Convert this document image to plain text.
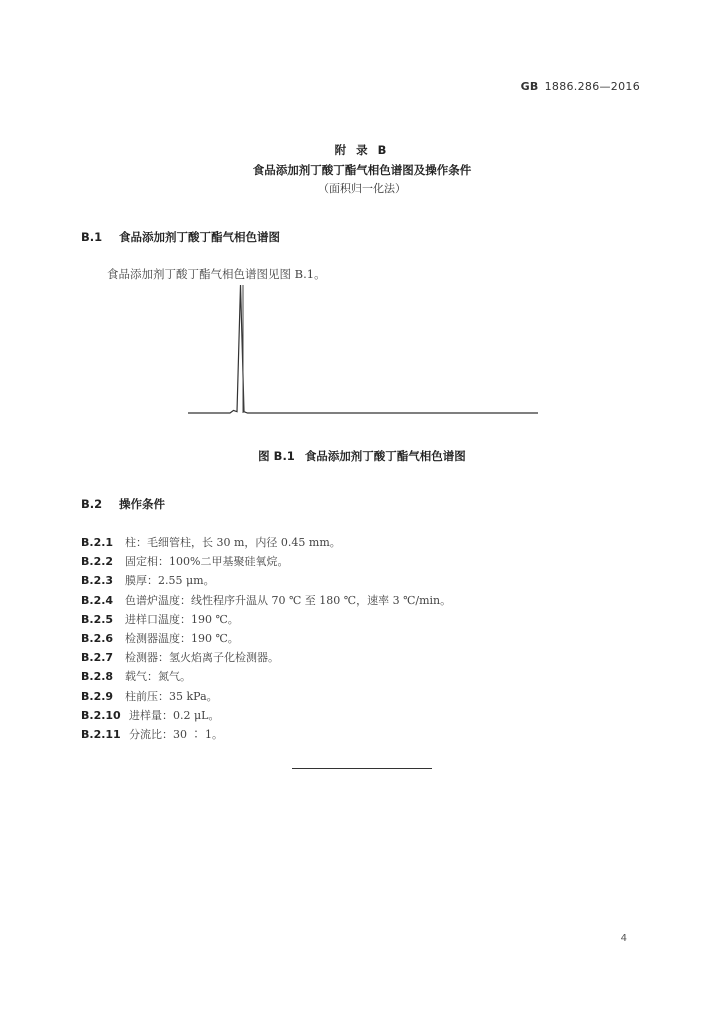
GB 1886.286—2016
附 录 B
食品添加剂丁酸丁酯气相色谱图及操作条件
（面积归一化法）
B.1 食品添加剂丁酸丁酯气相色谱图
食品添加剂丁酸丁酯气相色谱图见图 B.1。
图 B.1 食品添加剂丁酸丁酯气相色谱图
B.2 操作条件
B.2.1 柱：毛细管柱，长 30 m，内径 0.45 mm。
B.2.2 固定相：100%二甲基聚硅氧烷。
B.2.3 膜厚：2.55 μm。
B.2.4 色谱炉温度：线性程序升温从 70 ℃ 至 180 ℃，速率 3 ℃/min。
B.2.5 进样口温度：190 ℃。
B.2.6 检测器温度：190 ℃。
B.2.7 检测器：氢火焰离子化检测器。
B.2.8 载气：氮气。
B.2.9 柱前压：35 kPa。
B.2.10 进样量：0.2 μL。
B.2.11 分流比：30 ∶ 1。
4
